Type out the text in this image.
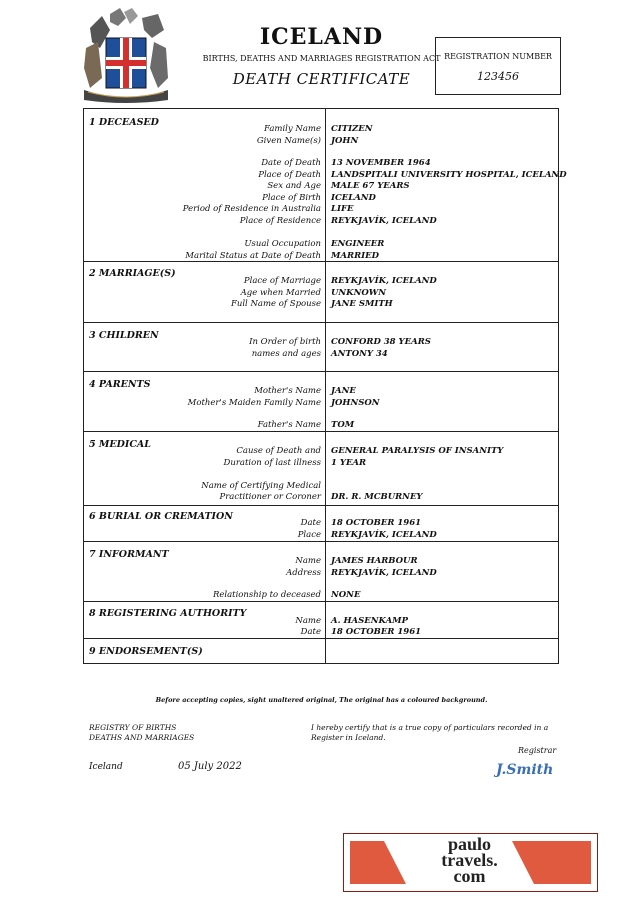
ICELAND
BIRTHS, DEATHS AND MARRIAGES REGISTRATION ACT
DEATH CERTIFICATE
REGISTRATION NUMBER
123456
1 DECEASED
2 MARRIAGE(S)
3 CHILDREN
4 PARENTS
5 MEDICAL
6 BURIAL OR CREMATION
7 INFORMANT
8 REGISTERING AUTHORITY
9 ENDORSEMENT(S)
Family Name CITIZEN
Given Name(s) JOHN
Date of Death 13 NOVEMBER 1964
Place of Death LANDSPITALI UNIVERSITY HOSPITAL, ICELAND
Sex and Age MALE 67 YEARS
Place of Birth ICELAND
Period of Residence in Australia LIFE
Place of Residence REYKJAVÍK, ICELAND
Usual Occupation ENGINEER
Marital Status at Date of Death MARRIED
Place of Marriage REYKJAVÍK, ICELAND
Age when Married UNKNOWN
Full Name of Spouse JANE SMITH
In Order of birth CONFORD 38 YEARS
names and ages ANTONY 34
Mother's Name JANE
Mother's Maiden Family Name JOHNSON
Father's Name TOM
Cause of Death and GENERAL PARALYSIS OF INSANITY
Duration of last illness 1 YEAR
Name of Certifying Medical
Practitioner or Coroner DR. R. MCBURNEY
Date 18 OCTOBER 1961
Place REYKJAVÍK, ICELAND
Name JAMES HARBOUR
Address REYKJAVÍK, ICELAND
Relationship to deceased NONE
Name A. HASENKAMP
Date 18 OCTOBER 1961
Before accepting copies, sight unaltered original, The original has a coloured background.
REGISTRY OF BIRTHS
DEATHS AND MARRIAGES
I hereby certify that is a true copy of particulars recorded in a
Register in Iceland.
Registrar
J.Smith
Iceland	05 July 2022
paulo
travels.
com
